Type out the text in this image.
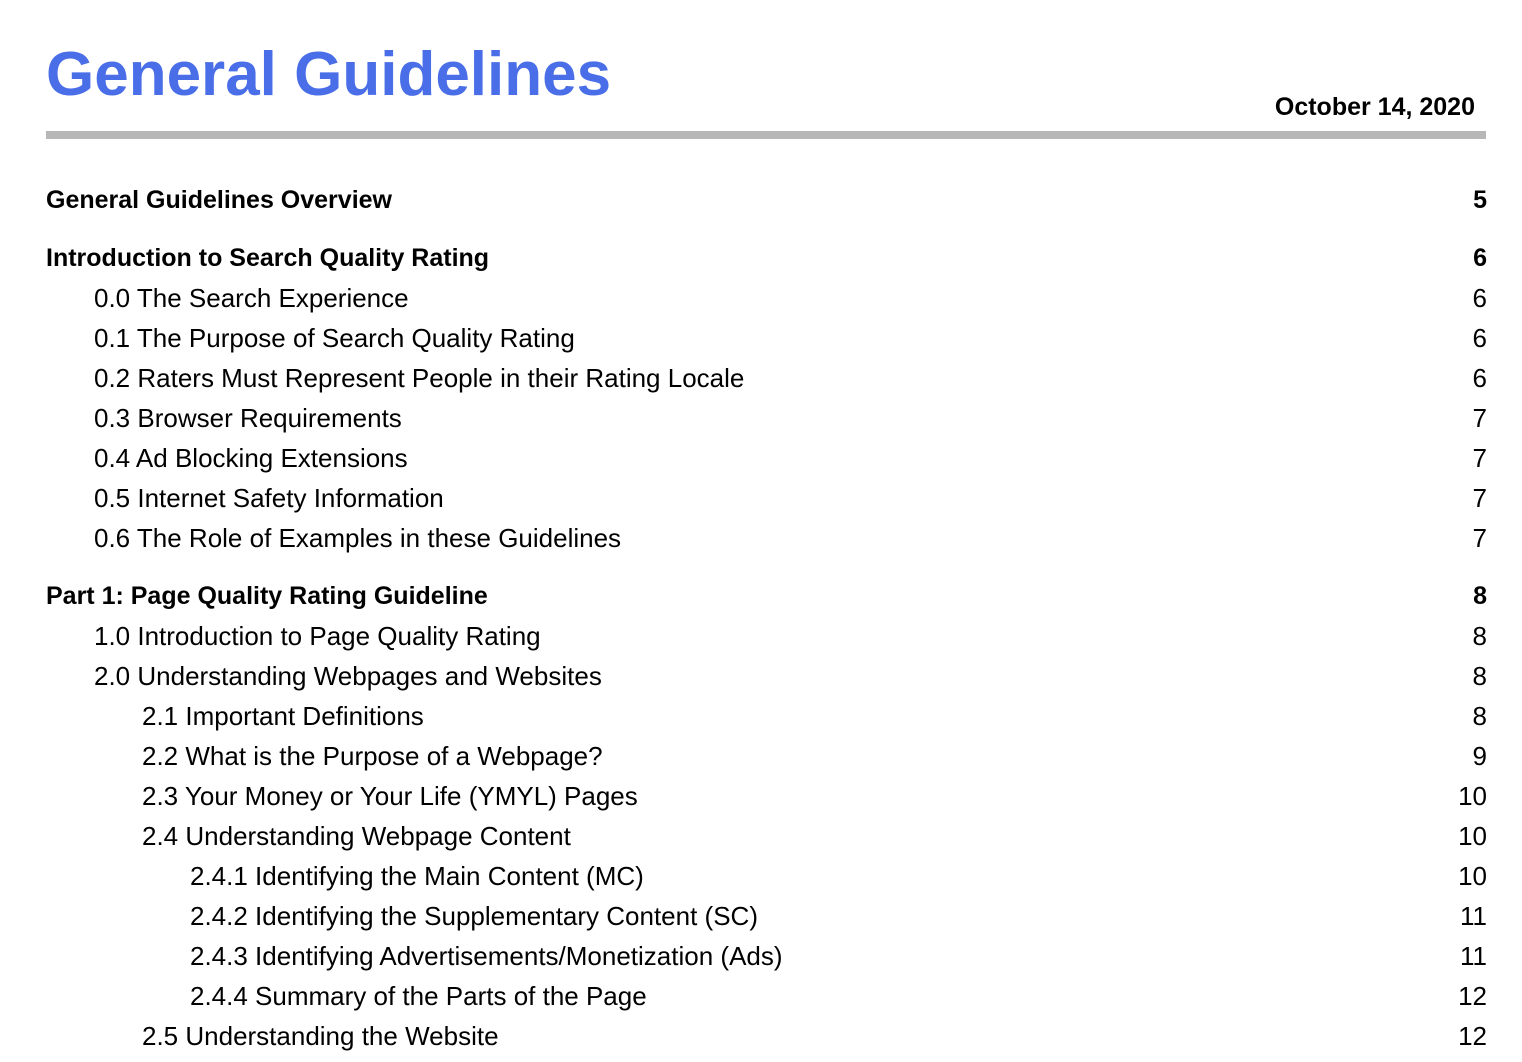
General Guidelines	October 14, 2020
General Guidelines Overview	5
Introduction to Search Quality Rating	6
0.0 The Search Experience	6
0.1 The Purpose of Search Quality Rating	6
0.2 Raters Must Represent People in their Rating Locale	6
0.3 Browser Requirements	7
0.4 Ad Blocking Extensions	7
0.5 Internet Safety Information	7
0.6 The Role of Examples in these Guidelines	7
Part 1: Page Quality Rating Guideline	8
1.0 Introduction to Page Quality Rating	8
2.0 Understanding Webpages and Websites	8
2.1 Important Definitions	8
2.2 What is the Purpose of a Webpage?	9
2.3 Your Money or Your Life (YMYL) Pages	10
2.4 Understanding Webpage Content	10
2.4.1 Identifying the Main Content (MC)	10
2.4.2 Identifying the Supplementary Content (SC)	11
2.4.3 Identifying Advertisements/Monetization (Ads)	11
2.4.4 Summary of the Parts of the Page	12
2.5 Understanding the Website	12
